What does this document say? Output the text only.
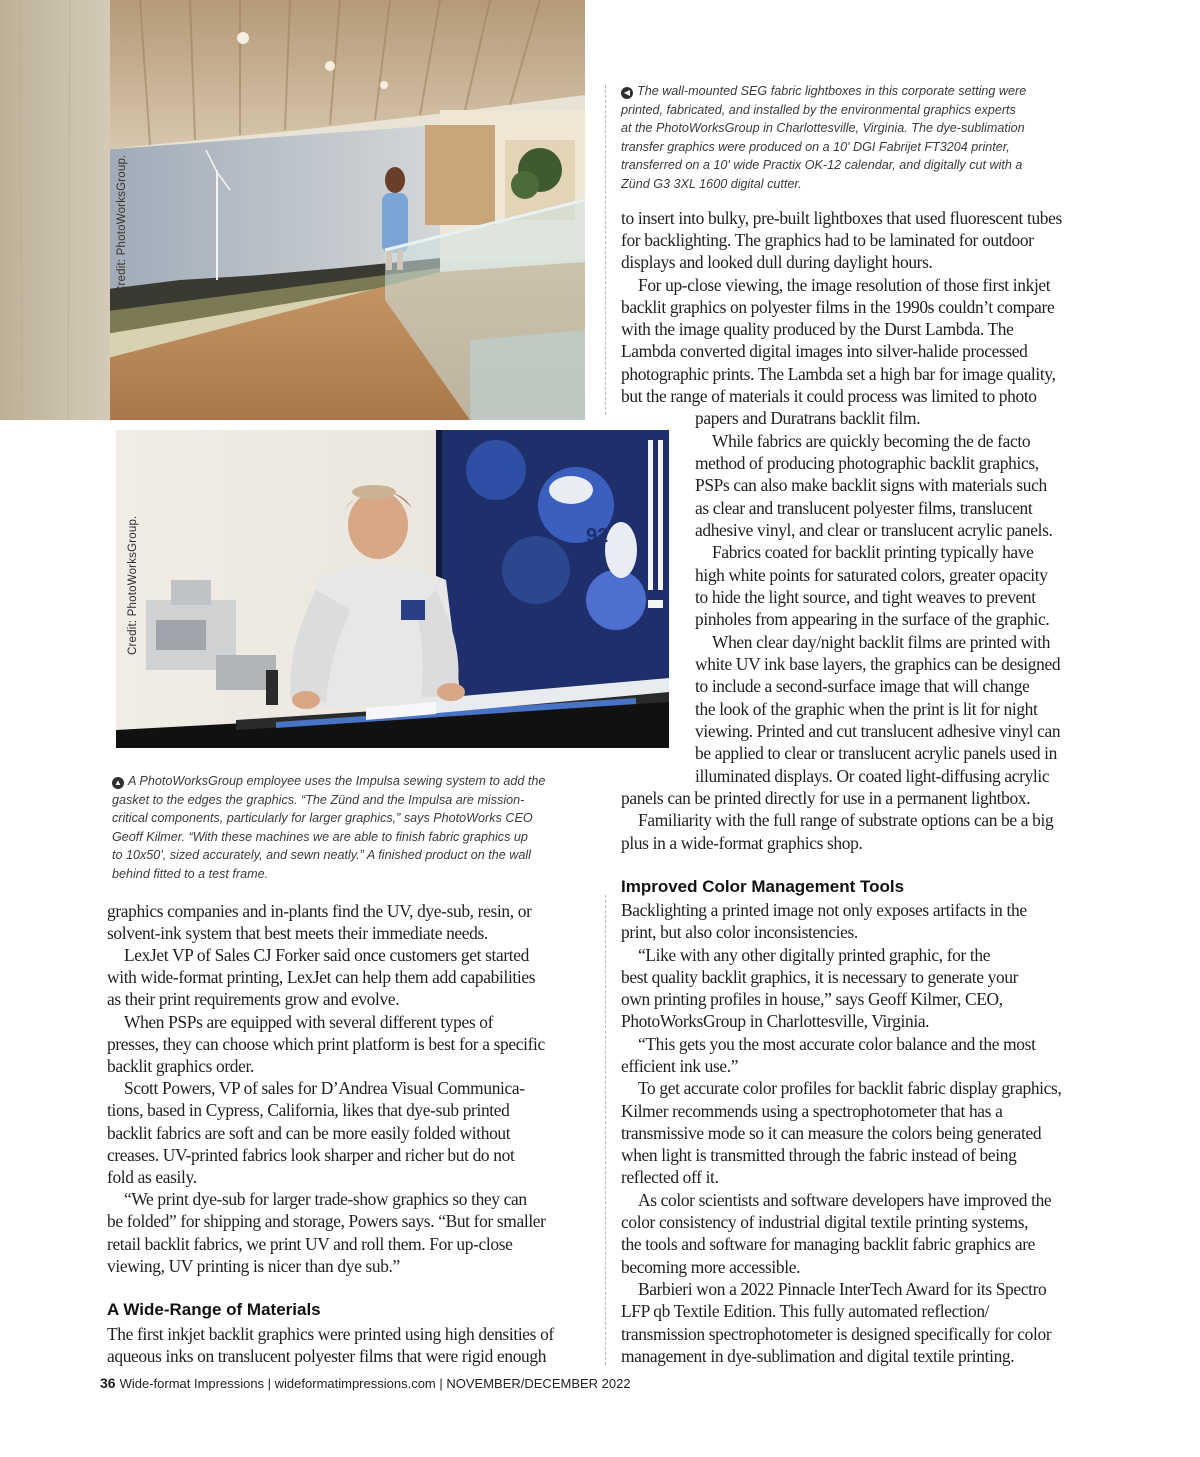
Credit: PhotoWorksGroup.
◀ The wall-mounted SEG fabric lightboxes in this corporate setting were
printed, fabricated, and installed by the environmental graphics experts
at the PhotoWorksGroup in Charlottesville, Virginia. The dye-sublimation
transfer graphics were produced on a 10' DGI Fabrijet FT3204 printer,
transferred on a 10' wide Practix OK-12 calendar, and digitally cut with a
Zünd G3 3XL 1600 digital cutter.
92
Credit: PhotoWorksGroup.
▲ A PhotoWorksGroup employee uses the Impulsa sewing system to add the
gasket to the edges the graphics. “The Zünd and the Impulsa are mission-
critical components, particularly for larger graphics,” says PhotoWorks CEO
Geoff Kilmer. “With these machines we are able to finish fabric graphics up
to 10x50', sized accurately, and sewn neatly.” A finished product on the wall
behind fitted to a test frame.
graphics companies and in-plants find the UV, dye-sub, resin, or
solvent-ink system that best meets their immediate needs.
LexJet VP of Sales CJ Forker said once customers get started
with wide-format printing, LexJet can help them add capabilities
as their print requirements grow and evolve.
When PSPs are equipped with several different types of
presses, they can choose which print platform is best for a specific
backlit graphics order.
Scott Powers, VP of sales for D’Andrea Visual Communica-
tions, based in Cypress, California, likes that dye-sub printed
backlit fabrics are soft and can be more easily folded without
creases. UV-printed fabrics look sharper and richer but do not
fold as easily.
“We print dye-sub for larger trade-show graphics so they can
be folded” for shipping and storage, Powers says. “But for smaller
retail backlit fabrics, we print UV and roll them. For up-close
viewing, UV printing is nicer than dye sub.”
A Wide-Range of Materials
The first inkjet backlit graphics were printed using high densities of
aqueous inks on translucent polyester films that were rigid enough
to insert into bulky, pre-built lightboxes that used fluorescent tubes
for backlighting. The graphics had to be laminated for outdoor
displays and looked dull during daylight hours.
For up-close viewing, the image resolution of those first inkjet
backlit graphics on polyester films in the 1990s couldn’t compare
with the image quality produced by the Durst Lambda. The
Lambda converted digital images into silver-halide processed
photographic prints. The Lambda set a high bar for image quality,
but the range of materials it could process was limited to photo
papers and Duratrans backlit film.
While fabrics are quickly becoming the de facto
method of producing photographic backlit graphics,
PSPs can also make backlit signs with materials such
as clear and translucent polyester films, translucent
adhesive vinyl, and clear or translucent acrylic panels.
Fabrics coated for backlit printing typically have
high white points for saturated colors, greater opacity
to hide the light source, and tight weaves to prevent
pinholes from appearing in the surface of the graphic.
When clear day/night backlit films are printed with
white UV ink base layers, the graphics can be designed
to include a second-surface image that will change
the look of the graphic when the print is lit for night
viewing. Printed and cut translucent adhesive vinyl can
be applied to clear or translucent acrylic panels used in
illuminated displays. Or coated light-diffusing acrylic
panels can be printed directly for use in a permanent lightbox.
Familiarity with the full range of substrate options can be a big
plus in a wide-format graphics shop.
Improved Color Management Tools
Backlighting a printed image not only exposes artifacts in the
print, but also color inconsistencies.
“Like with any other digitally printed graphic, for the
best quality backlit graphics, it is necessary to generate your
own printing profiles in house,” says Geoff Kilmer, CEO,
PhotoWorksGroup in Charlottesville, Virginia.
“This gets you the most accurate color balance and the most
efficient ink use.”
To get accurate color profiles for backlit fabric display graphics,
Kilmer recommends using a spectrophotometer that has a
transmissive mode so it can measure the colors being generated
when light is transmitted through the fabric instead of being
reflected off it.
As color scientists and software developers have improved the
color consistency of industrial digital textile printing systems,
the tools and software for managing backlit fabric graphics are
becoming more accessible.
Barbieri won a 2022 Pinnacle InterTech Award for its Spectro
LFP qb Textile Edition. This fully automated reflection/
transmission spectrophotometer is designed specifically for color
management in dye-sublimation and digital textile printing.
36 Wide-format Impressions | wideformatimpressions.com | NOVEMBER/DECEMBER 2022
